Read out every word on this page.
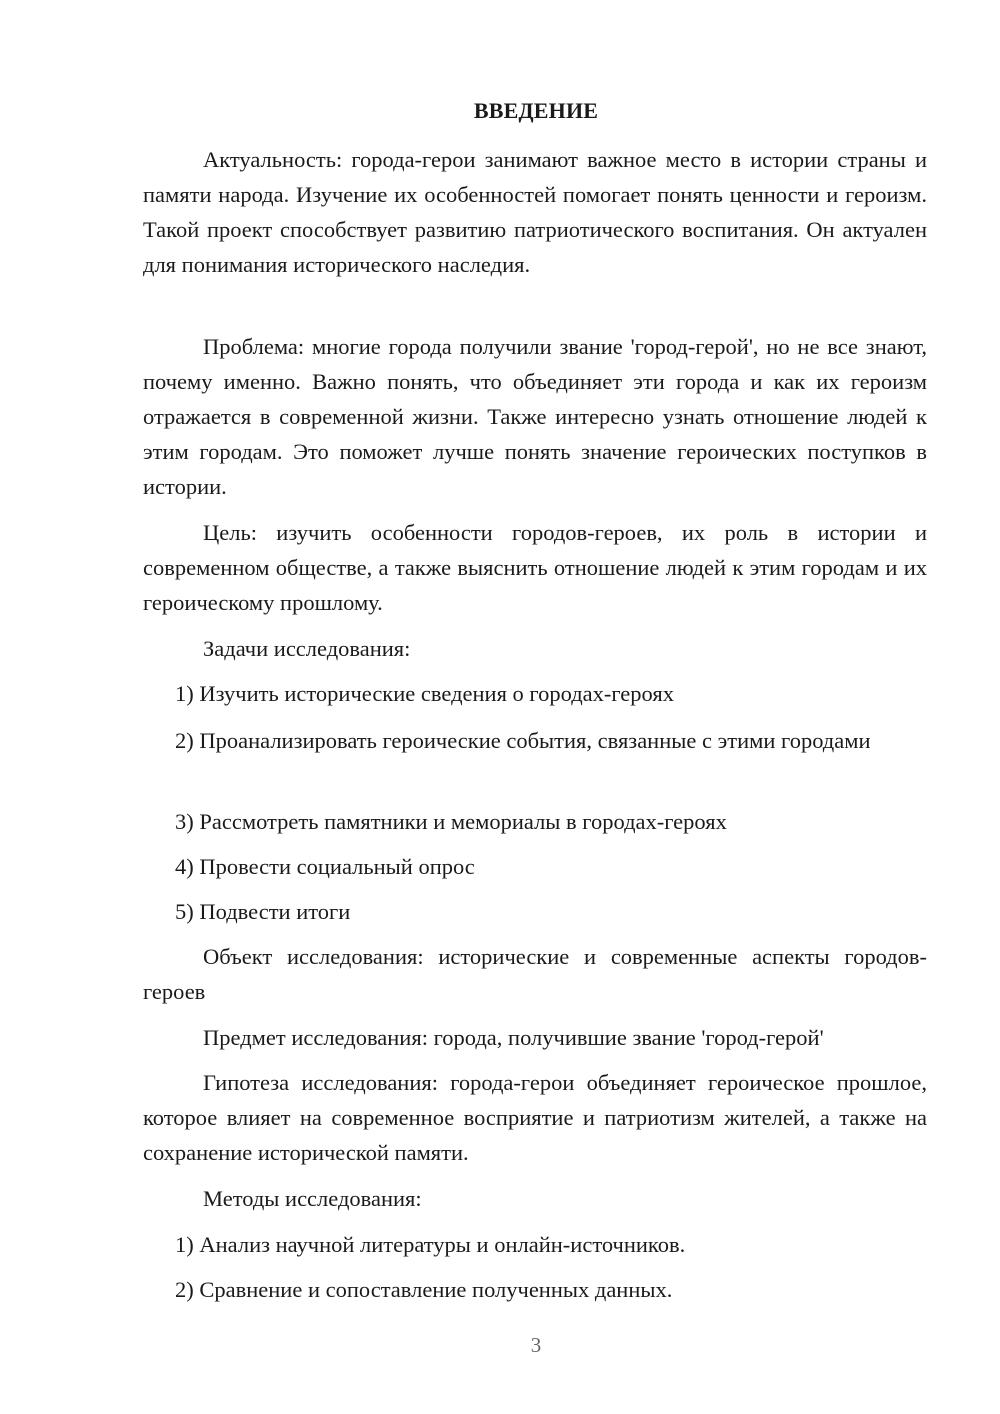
ВВЕДЕНИЕ

Актуальность: города-герои занимают важное место в истории страны и памяти народа. Изучение их особенностей помогает понять ценности и героизм. Такой проект способствует развитию патриотического воспитания. Он актуален для понимания исторического наследия.

Проблема: многие города получили звание 'город-герой', но не все знают, почему именно. Важно понять, что объединяет эти города и как их героизм отражается в современной жизни. Также интересно узнать отношение людей к этим городам. Это поможет лучше понять значение героических поступков в истории.

Цель: изучить особенности городов-героев, их роль в истории и современном обществе, а также выяснить отношение людей к этим городам и их героическому прошлому.

Задачи исследования:

1) Изучить исторические сведения о городах-героях

2) Проанализировать героические события, связанные с этими городами

3) Рассмотреть памятники и мемориалы в городах-героях

4) Провести социальный опрос

5) Подвести итоги

Объект исследования: исторические и современные аспекты городов-героев

Предмет исследования: города, получившие звание 'город-герой'

Гипотеза исследования: города-герои объединяет героическое прошлое, которое влияет на современное восприятие и патриотизм жителей, а также на сохранение исторической памяти.

Методы исследования:

1) Анализ научной литературы и онлайн-источников.

2) Сравнение и сопоставление полученных данных.

3
